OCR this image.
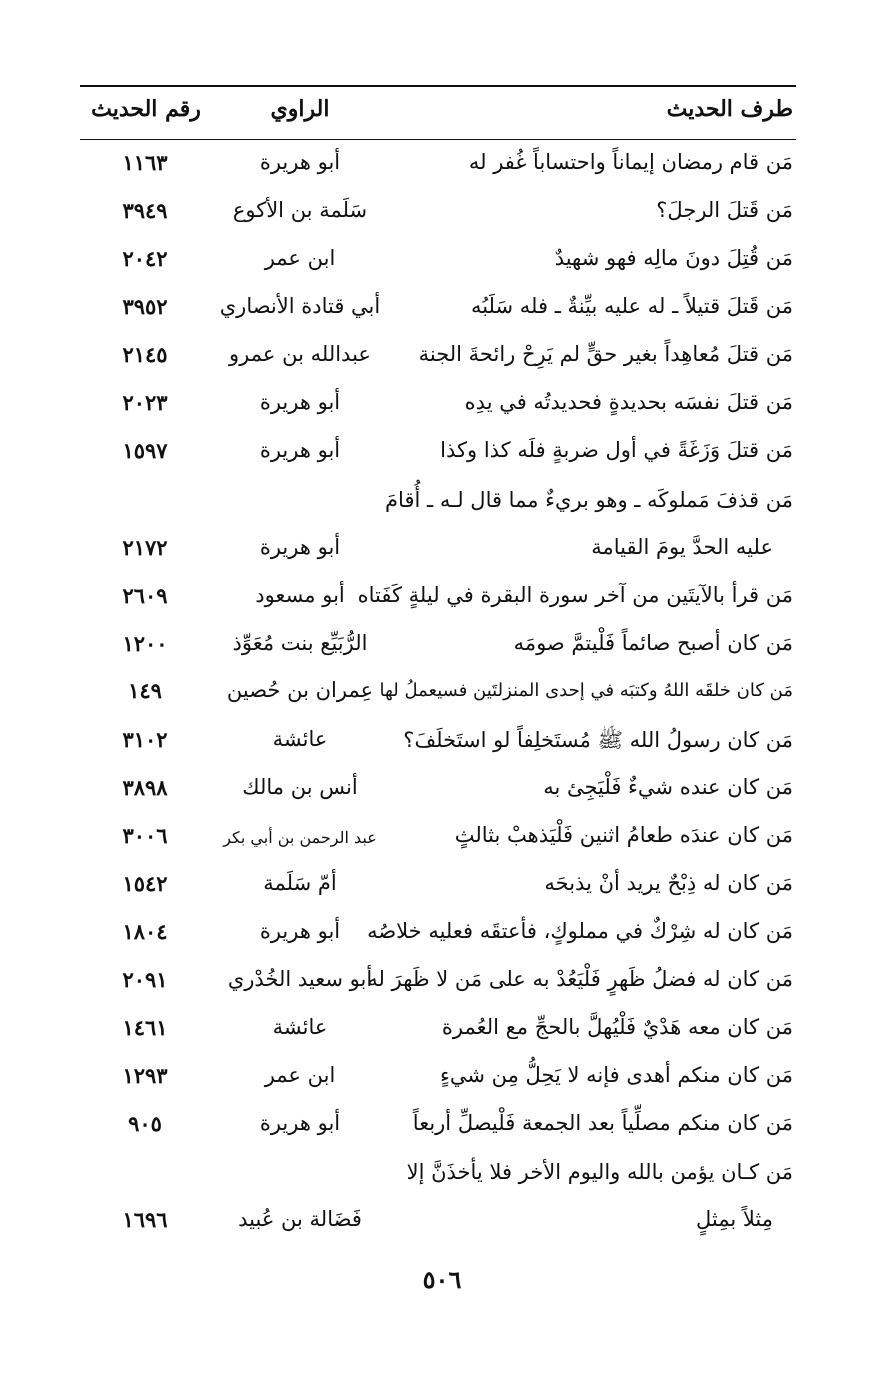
طرف الحديث
الراوي
رقم الحديث
مَن قام رمضان إيماناً واحتساباً غُفر له
أبو هريرة
١١٦٣
مَن قَتلَ الرجلَ؟
سَلَمة بن الأكوع
٣٩٤٩
مَن قُتِلَ دونَ مالِه فهو شهيدٌ
ابن عمر
٢٠٤٢
مَن قَتلَ قتيلاً ـ له عليه بيِّنةٌ ـ فله سَلَبُه
أبي قتادة الأنصاري
٣٩٥٢
مَن قتلَ مُعاهِداً بغير حقٍّ لم يَرِحْ رائحةَ الجنة
عبدالله بن عمرو
٢١٤٥
مَن قتلَ نفسَه بحديدةٍ فحديدتُه في يدِه
أبو هريرة
٢٠٢٣
مَن قتلَ وَزَغَةً في أول ضربةٍ فلَه كذا وكذا
أبو هريرة
١٥٩٧
مَن قذفَ مَملوكَه ـ وهو بريءٌ مما قال لـه ـ أُقامَ
عليه الحدَّ يومَ القيامة
أبو هريرة
٢١٧٢
مَن قرأ بالآيتَين من آخر سورة البقرة في ليلةٍ كَفَتاه
أبو مسعود
٢٦٠٩
مَن كان أصبح صائماً فَلْيتمَّ صومَه
الرُّبَيِّع بنت مُعَوِّذ
١٢٠٠
مَن كان خلقَه اللهُ وكتبَه في إحدى المنزلتَين فسيعملُ لها
عِمران بن حُصين
١٤٩
مَن كان رسولُ الله ﷺ مُستَخلِفاً لو استَخلَفَ؟
عائشة
٣١٠٢
مَن كان عنده شيءٌ فَلْيَجِئ به
أنس بن مالك
٣٨٩٨
مَن كان عندَه طعامُ اثنين فَلْيَذهبْ بثالثٍ
عبد الرحمن بن أبي بكر
٣٠٠٦
مَن كان له ذِبْحٌ يريد أنْ يذبحَه
أمّ سَلَمة
١٥٤٢
مَن كان له شِرْكٌ في مملوكٍ، فأعتقَه فعليه خلاصُه
أبو هريرة
١٨٠٤
مَن كان له فضلُ ظَهرٍ فَلْيَعُدْ به على مَن لا ظَهرَ له
أبو سعيد الخُدْري
٢٠٩١
مَن كان معه هَدْيٌ فَلْيُهلَّ بالحجِّ مع العُمرة
عائشة
١٤٦١
مَن كان منكم أهدى فإنه لا يَحِلُّ مِن شيءٍ
ابن عمر
١٢٩٣
مَن كان منكم مصلِّياً بعد الجمعة فَلْيصلِّ أربعاً
أبو هريرة
٩٠٥
مَن كـان يؤمن بالله واليوم الأخر فلا يأخذَنَّ إلا
مِثلاً بمِثلٍ
فَضَالة بن عُبيد
١٦٩٦
٥٠٦
